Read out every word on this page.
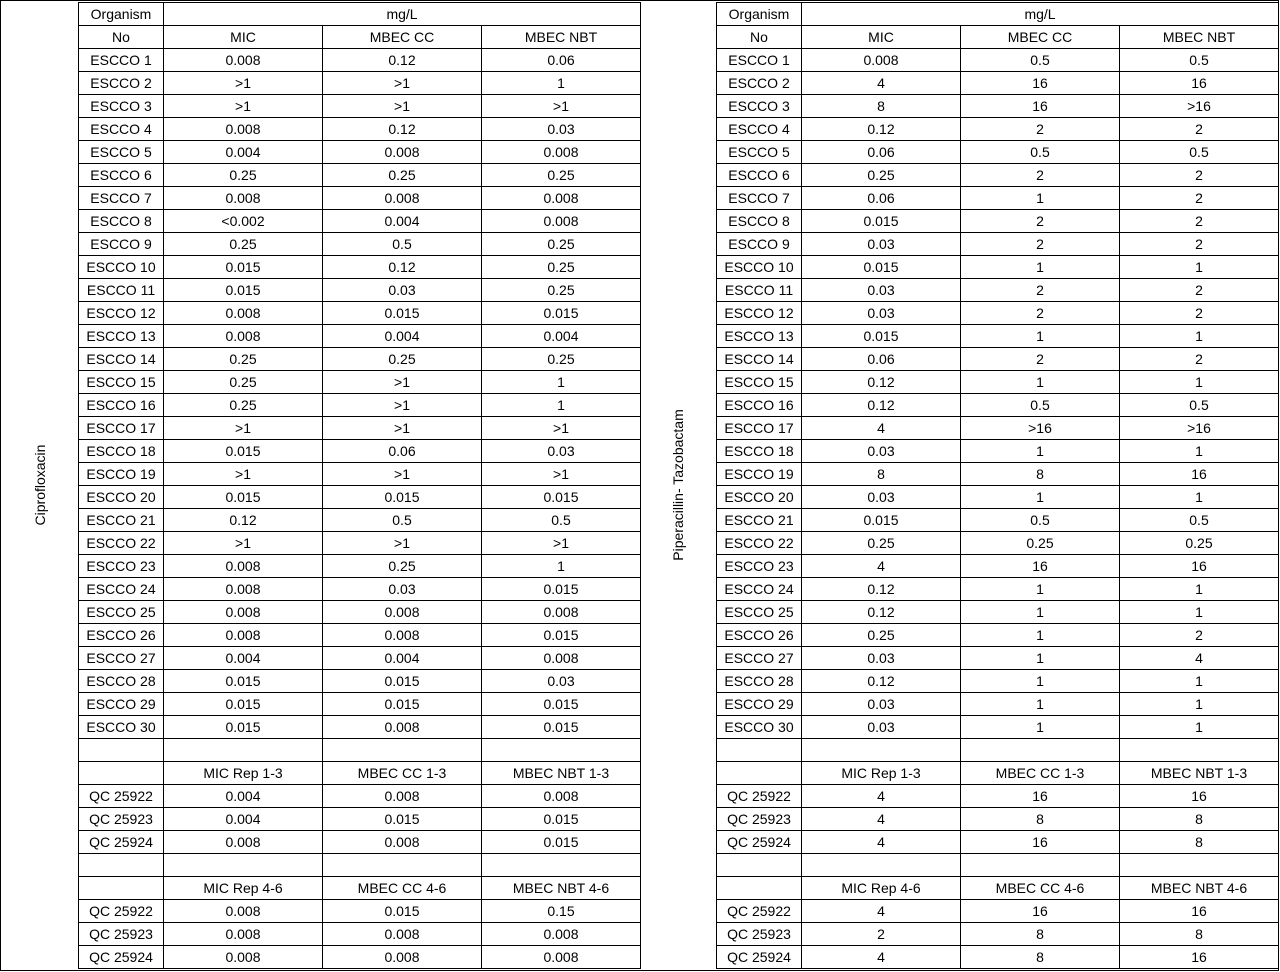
Ciprofloxacin	Piperacillin- Tazobactam
Organism	mg/L		
No	MIC	MBEC CC	MBEC NBT
ESCCO 1	0.008	0.12	0.06
ESCCO 2	>1	>1	1
ESCCO 3	>1	>1	>1
ESCCO 4	0.008	0.12	0.03
ESCCO 5	0.004	0.008	0.008
ESCCO 6	0.25	0.25	0.25
ESCCO 7	0.008	0.008	0.008
ESCCO 8	<0.002	0.004	0.008
ESCCO 9	0.25	0.5	0.25
ESCCO 10	0.015	0.12	0.25
ESCCO 11	0.015	0.03	0.25
ESCCO 12	0.008	0.015	0.015
ESCCO 13	0.008	0.004	0.004
ESCCO 14	0.25	0.25	0.25
ESCCO 15	0.25	>1	1
ESCCO 16	0.25	>1	1
ESCCO 17	>1	>1	>1
ESCCO 18	0.015	0.06	0.03
ESCCO 19	>1	>1	>1
ESCCO 20	0.015	0.015	0.015
ESCCO 21	0.12	0.5	0.5
ESCCO 22	>1	>1	>1
ESCCO 23	0.008	0.25	1
ESCCO 24	0.008	0.03	0.015
ESCCO 25	0.008	0.008	0.008
ESCCO 26	0.008	0.008	0.015
ESCCO 27	0.004	0.004	0.008
ESCCO 28	0.015	0.015	0.03
ESCCO 29	0.015	0.015	0.015
ESCCO 30	0.015	0.008	0.015

	MIC Rep 1-3	MBEC CC 1-3	MBEC NBT 1-3
QC 25922	0.004	0.008	0.008
QC 25923	0.004	0.015	0.015
QC 25924	0.008	0.008	0.015

	MIC Rep 4-6	MBEC CC 4-6	MBEC NBT 4-6
QC 25922	0.008	0.015	0.15
QC 25923	0.008	0.008	0.008
QC 25924	0.008	0.008	0.008
Organism	mg/L		
No	MIC	MBEC CC	MBEC NBT
ESCCO 1	0.008	0.5	0.5
ESCCO 2	4	16	16
ESCCO 3	8	16	>16
ESCCO 4	0.12	2	2
ESCCO 5	0.06	0.5	0.5
ESCCO 6	0.25	2	2
ESCCO 7	0.06	1	2
ESCCO 8	0.015	2	2
ESCCO 9	0.03	2	2
ESCCO 10	0.015	1	1
ESCCO 11	0.03	2	2
ESCCO 12	0.03	2	2
ESCCO 13	0.015	1	1
ESCCO 14	0.06	2	2
ESCCO 15	0.12	1	1
ESCCO 16	0.12	0.5	0.5
ESCCO 17	4	>16	>16
ESCCO 18	0.03	1	1
ESCCO 19	8	8	16
ESCCO 20	0.03	1	1
ESCCO 21	0.015	0.5	0.5
ESCCO 22	0.25	0.25	0.25
ESCCO 23	4	16	16
ESCCO 24	0.12	1	1
ESCCO 25	0.12	1	1
ESCCO 26	0.25	1	2
ESCCO 27	0.03	1	4
ESCCO 28	0.12	1	1
ESCCO 29	0.03	1	1
ESCCO 30	0.03	1	1

	MIC Rep 1-3	MBEC CC 1-3	MBEC NBT 1-3
QC 25922	4	16	16
QC 25923	4	8	8
QC 25924	4	16	8

	MIC Rep 4-6	MBEC CC 4-6	MBEC NBT 4-6
QC 25922	4	16	16
QC 25923	2	8	8
QC 25924	4	8	16
